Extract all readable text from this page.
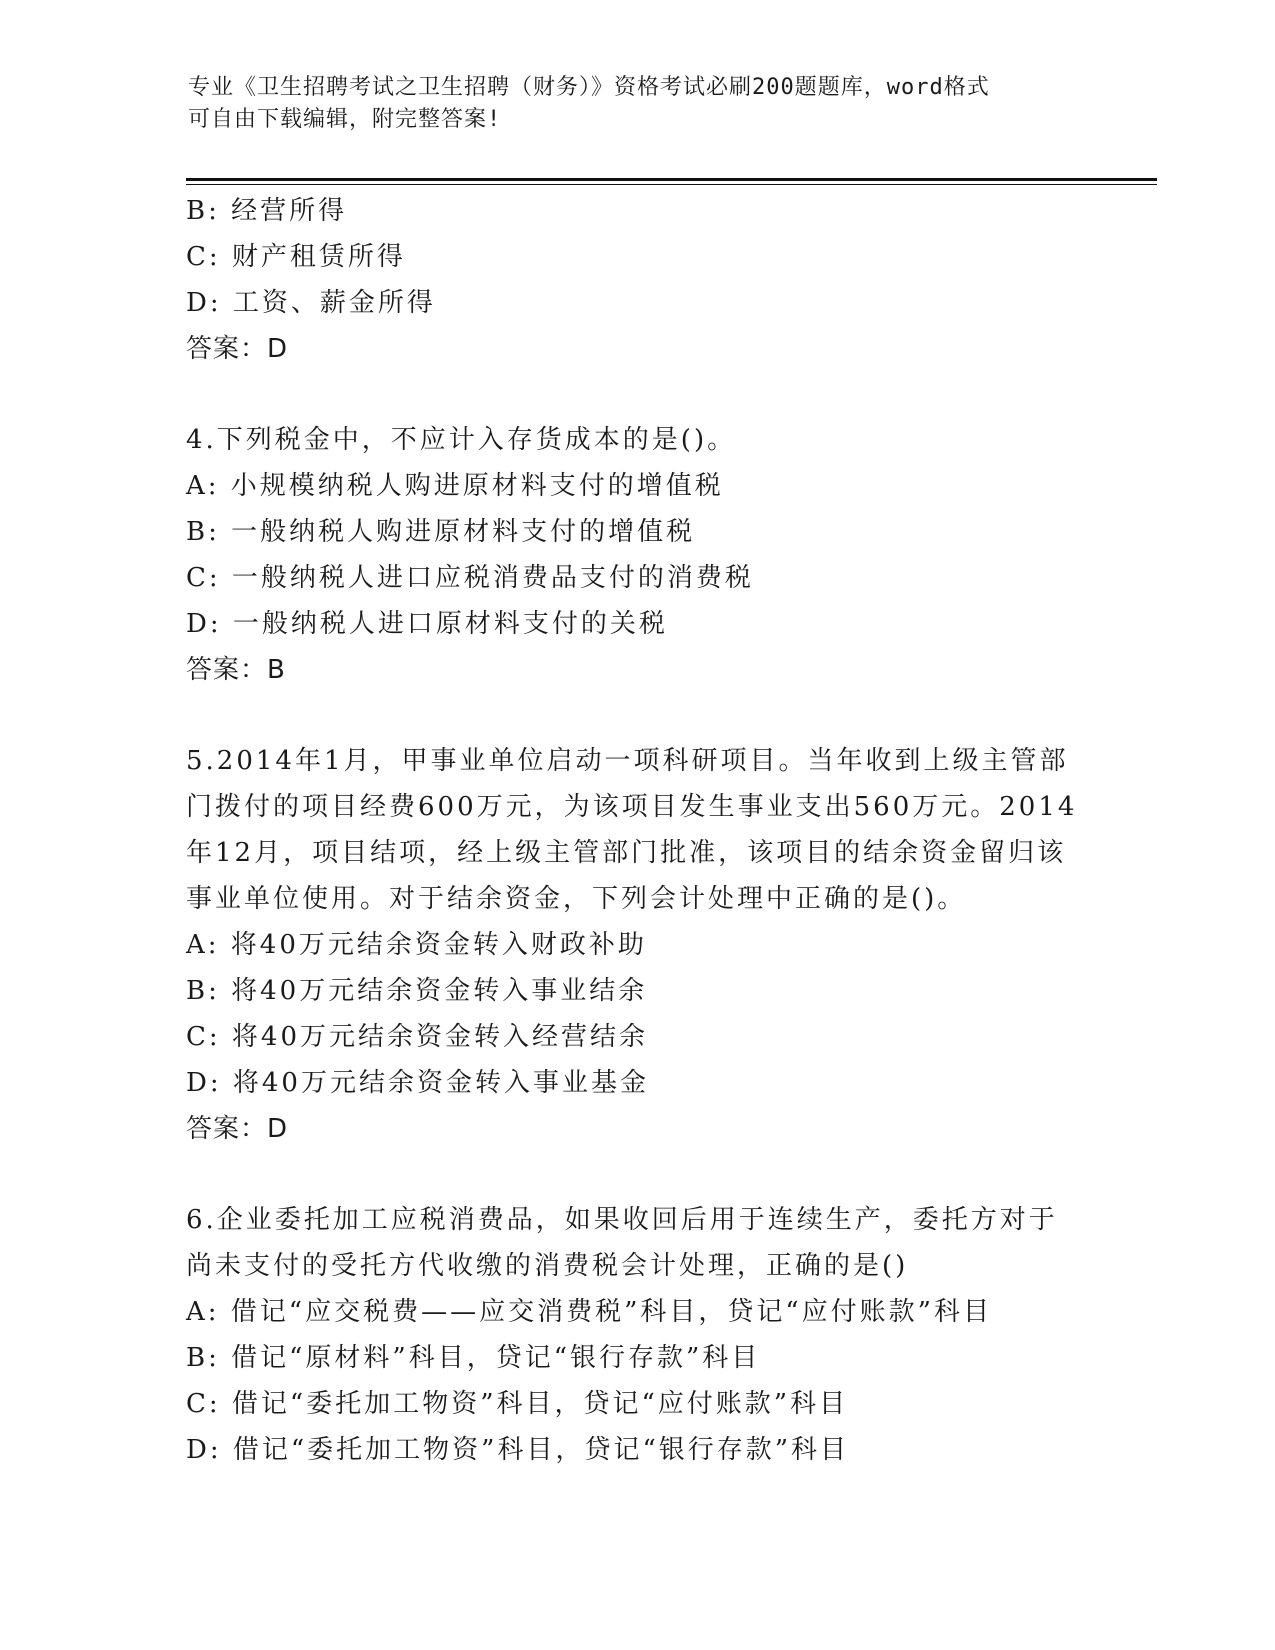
专业《卫生招聘考试之卫生招聘（财务）》资格考试必刷200题题库，word格式
可自由下载编辑，附完整答案!
B: 经营所得
C: 财产租赁所得
D: 工资、薪金所得
答案：D
4.下列税金中，不应计入存货成本的是()。
A: 小规模纳税人购进原材料支付的增值税
B: 一般纳税人购进原材料支付的增值税
C: 一般纳税人进口应税消费品支付的消费税
D: 一般纳税人进口原材料支付的关税
答案：B
5.2014年1月，甲事业单位启动一项科研项目。当年收到上级主管部
门拨付的项目经费600万元，为该项目发生事业支出560万元。2014
年12月，项目结项，经上级主管部门批准，该项目的结余资金留归该
事业单位使用。对于结余资金，下列会计处理中正确的是()。
A: 将40万元结余资金转入财政补助
B: 将40万元结余资金转入事业结余
C: 将40万元结余资金转入经营结余
D: 将40万元结余资金转入事业基金
答案：D
6.企业委托加工应税消费品，如果收回后用于连续生产，委托方对于
尚未支付的受托方代收缴的消费税会计处理，正确的是()
A: 借记“应交税费——应交消费税”科目，贷记“应付账款”科目
B: 借记“原材料”科目，贷记“银行存款”科目
C: 借记“委托加工物资”科目，贷记“应付账款”科目
D: 借记“委托加工物资”科目，贷记“银行存款”科目
